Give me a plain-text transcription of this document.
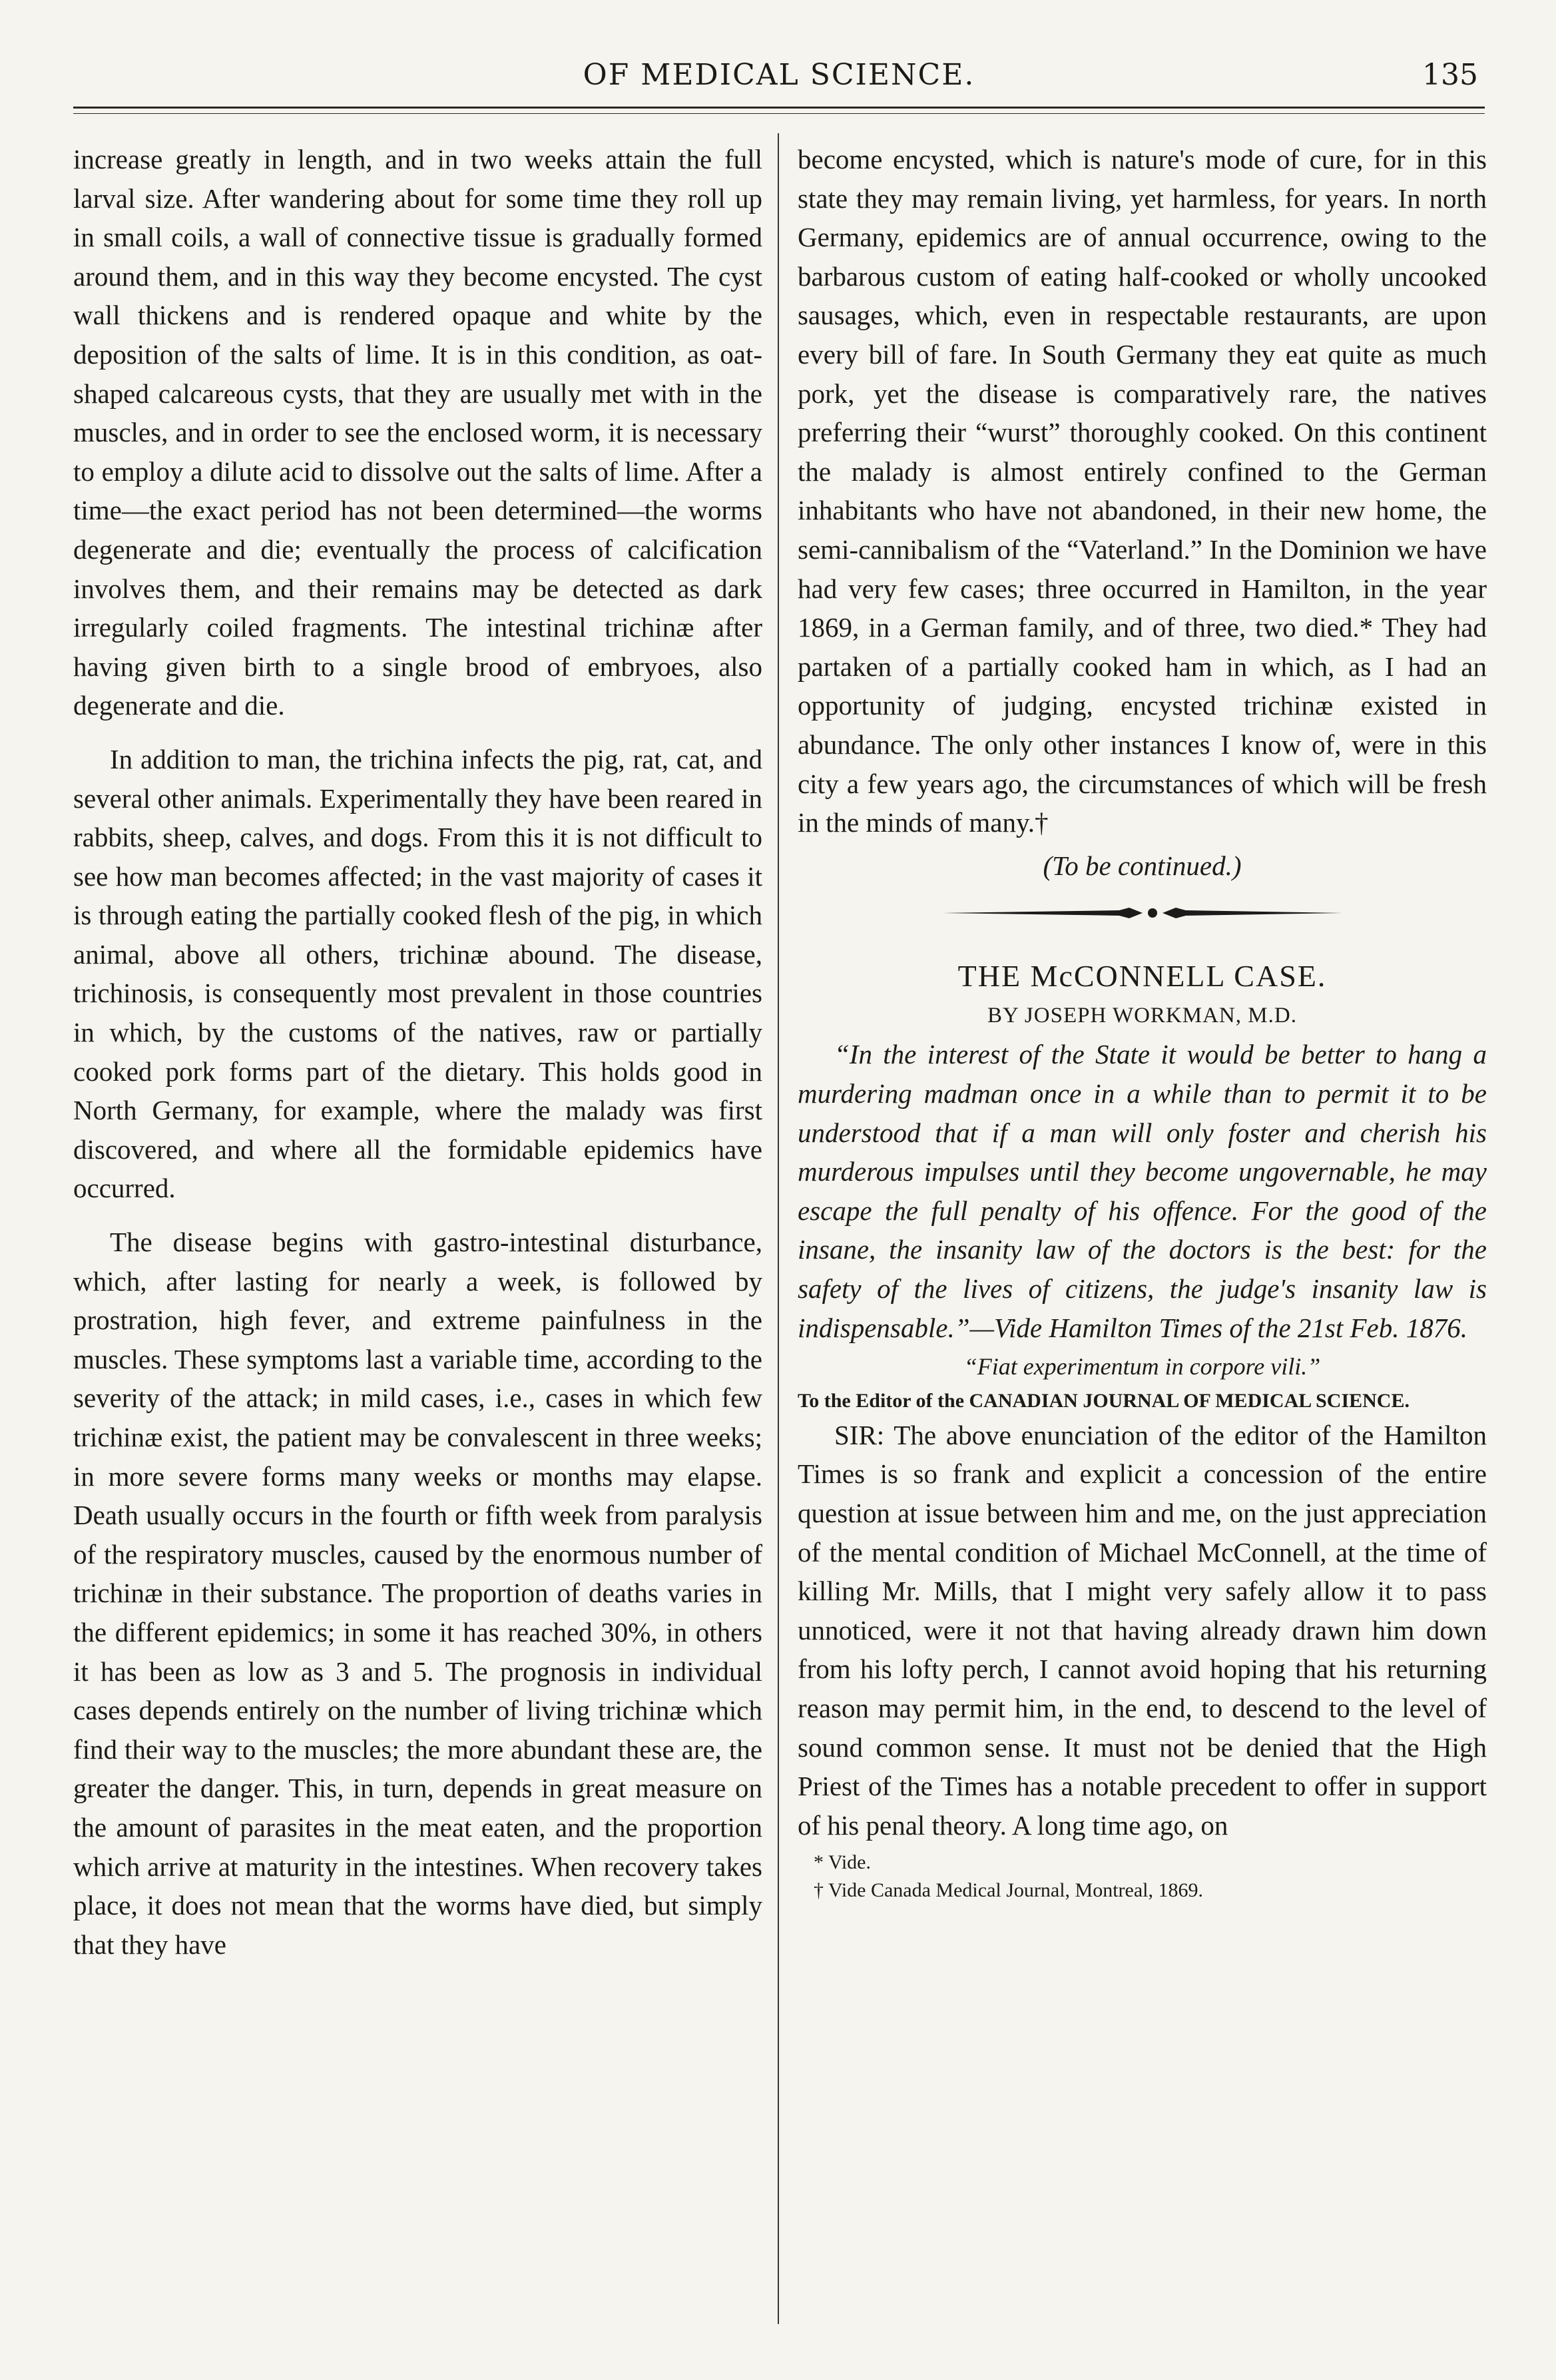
OF MEDICAL SCIENCE.	135

increase greatly in length, and in two weeks attain the full larval size. After wandering about for some time they roll up in small coils, a wall of connective tissue is gradually formed around them, and in this way they become encysted. The cyst wall thickens and is rendered opaque and white by the deposition of the salts of lime. It is in this condition, as oat-shaped calcareous cysts, that they are usually met with in the muscles, and in order to see the enclosed worm, it is necessary to employ a dilute acid to dissolve out the salts of lime. After a time—the exact period has not been determined—the worms degenerate and die; eventually the process of calcification involves them, and their remains may be detected as dark irregularly coiled fragments. The intestinal trichinæ after having given birth to a single brood of embryoes, also degenerate and die.

In addition to man, the trichina infects the pig, rat, cat, and several other animals. Experimentally they have been reared in rabbits, sheep, calves, and dogs. From this it is not difficult to see how man becomes affected; in the vast majority of cases it is through eating the partially cooked flesh of the pig, in which animal, above all others, trichinæ abound. The disease, trichinosis, is consequently most prevalent in those countries in which, by the customs of the natives, raw or partially cooked pork forms part of the dietary. This holds good in North Germany, for example, where the malady was first discovered, and where all the formidable epidemics have occurred.

The disease begins with gastro-intestinal disturbance, which, after lasting for nearly a week, is followed by prostration, high fever, and extreme painfulness in the muscles. These symptoms last a variable time, according to the severity of the attack; in mild cases, i.e., cases in which few trichinæ exist, the patient may be convalescent in three weeks; in more severe forms many weeks or months may elapse. Death usually occurs in the fourth or fifth week from paralysis of the respiratory muscles, caused by the enormous number of trichinæ in their substance. The proportion of deaths varies in the different epidemics; in some it has reached 30%, in others it has been as low as 3 and 5. The prognosis in individual cases depends entirely on the number of living trichinæ which find their way to the muscles; the more abundant these are, the greater the danger. This, in turn, depends in great measure on the amount of parasites in the meat eaten, and the proportion which arrive at maturity in the intestines. When recovery takes place, it does not mean that the worms have died, but simply that they have

become encysted, which is nature's mode of cure, for in this state they may remain living, yet harmless, for years. In north Germany, epidemics are of annual occurrence, owing to the barbarous custom of eating half-cooked or wholly uncooked sausages, which, even in respectable restaurants, are upon every bill of fare. In South Germany they eat quite as much pork, yet the disease is comparatively rare, the natives preferring their “wurst” thoroughly cooked. On this continent the malady is almost entirely confined to the German inhabitants who have not abandoned, in their new home, the semi-cannibalism of the “Vaterland.” In the Dominion we have had very few cases; three occurred in Hamilton, in the year 1869, in a German family, and of three, two died.* They had partaken of a partially cooked ham in which, as I had an opportunity of judging, encysted trichinæ existed in abundance. The only other instances I know of, were in this city a few years ago, the circumstances of which will be fresh in the minds of many.†

(To be continued.)

THE McCONNELL CASE.

BY JOSEPH WORKMAN, M.D.

“In the interest of the State it would be better to hang a murdering madman once in a while than to permit it to be understood that if a man will only foster and cherish his murderous impulses until they become ungovernable, he may escape the full penalty of his offence. For the good of the insane, the insanity law of the doctors is the best: for the safety of the lives of citizens, the judge's insanity law is indispensable.”—Vide Hamilton Times of the 21st Feb. 1876.

“Fiat experimentum in corpore vili.”

To the Editor of the CANADIAN JOURNAL OF MEDICAL SCIENCE.

SIR: The above enunciation of the editor of the Hamilton Times is so frank and explicit a concession of the entire question at issue between him and me, on the just appreciation of the mental condition of Michael McConnell, at the time of killing Mr. Mills, that I might very safely allow it to pass unnoticed, were it not that having already drawn him down from his lofty perch, I cannot avoid hoping that his returning reason may permit him, in the end, to descend to the level of sound common sense. It must not be denied that the High Priest of the Times has a notable precedent to offer in support of his penal theory. A long time ago, on

* Vide.

† Vide Canada Medical Journal, Montreal, 1869.
